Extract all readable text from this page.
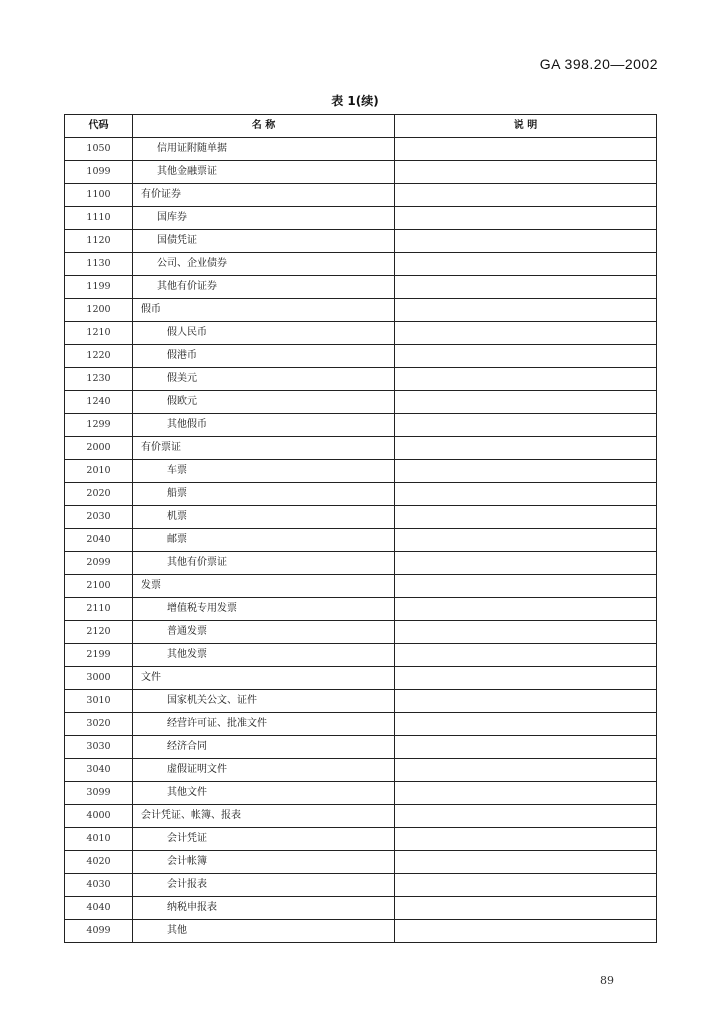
GA 398.20—2002
表 1(续)
代码	名 称	说 明
1050	信用证附随单据	
1099	其他金融票证	
1100	有价证券	
1110	国库券	
1120	国债凭证	
1130	公司、企业债券	
1199	其他有价证券	
1200	假币	
1210	假人民币	
1220	假港币	
1230	假美元	
1240	假欧元	
1299	其他假币	
2000	有价票证	
2010	车票	
2020	船票	
2030	机票	
2040	邮票	
2099	其他有价票证	
2100	发票	
2110	增值税专用发票	
2120	普通发票	
2199	其他发票	
3000	文件	
3010	国家机关公文、证件	
3020	经营许可证、批准文件	
3030	经济合同	
3040	虚假证明文件	
3099	其他文件	
4000	会计凭证、帐簿、报表	
4010	会计凭证	
4020	会计帐簿	
4030	会计报表	
4040	纳税申报表	
4099	其他	
89
